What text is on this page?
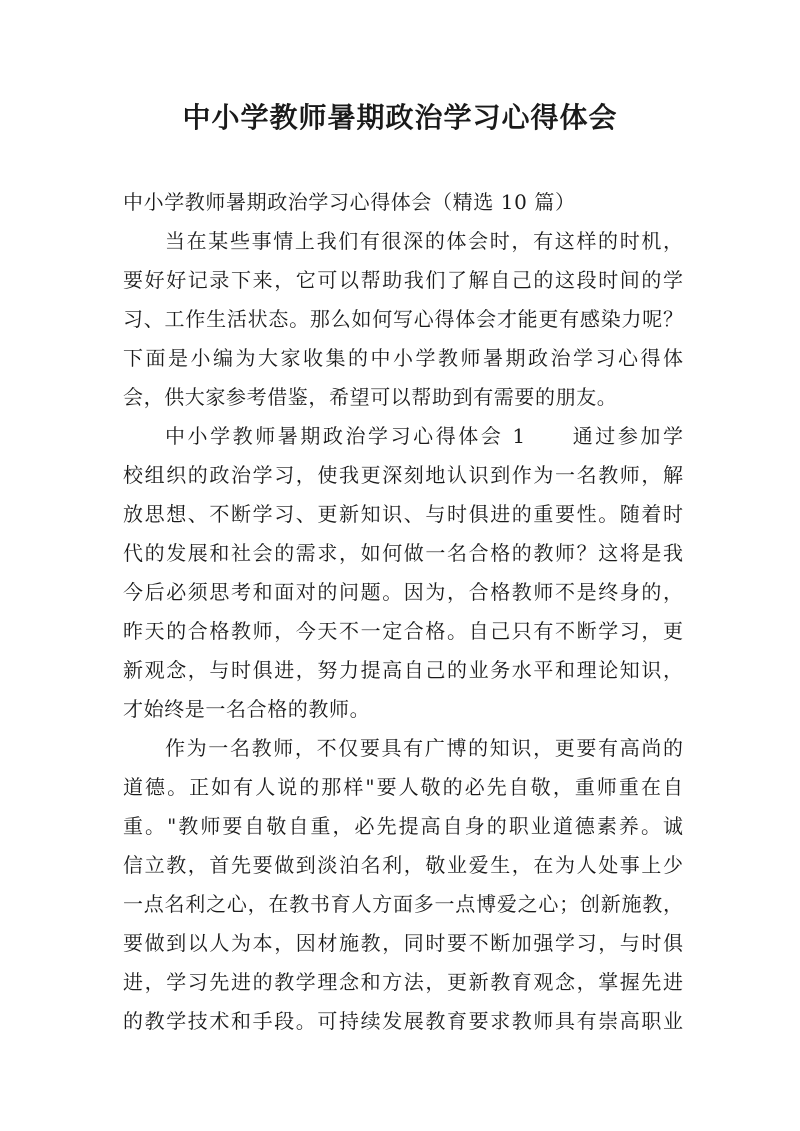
中小学教师暑期政治学习心得体会
中小学教师暑期政治学习心得体会（精选 10 篇）
当在某些事情上我们有很深的体会时，有这样的时机，
要好好记录下来，它可以帮助我们了解自己的这段时间的学
习、工作生活状态。那么如何写心得体会才能更有感染力呢？
下面是小编为大家收集的中小学教师暑期政治学习心得体
会，供大家参考借鉴，希望可以帮助到有需要的朋友。
中小学教师暑期政治学习心得体会 1　　通过参加学
校组织的政治学习，使我更深刻地认识到作为一名教师，解
放思想、不断学习、更新知识、与时俱进的重要性。随着时
代的发展和社会的需求，如何做一名合格的教师？这将是我
今后必须思考和面对的问题。因为，合格教师不是终身的，
昨天的合格教师，今天不一定合格。自己只有不断学习，更
新观念，与时俱进，努力提高自己的业务水平和理论知识，
才始终是一名合格的教师。
作为一名教师，不仅要具有广博的知识，更要有高尚的
道德。正如有人说的那样"要人敬的必先自敬，重师重在自
重。"教师要自敬自重，必先提高自身的职业道德素养。诚
信立教，首先要做到淡泊名利，敬业爱生，在为人处事上少
一点名利之心，在教书育人方面多一点博爱之心；创新施教，
要做到以人为本，因材施教，同时要不断加强学习，与时俱
进，学习先进的教学理念和方法，更新教育观念，掌握先进
的教学技术和手段。可持续发展教育要求教师具有崇高职业
